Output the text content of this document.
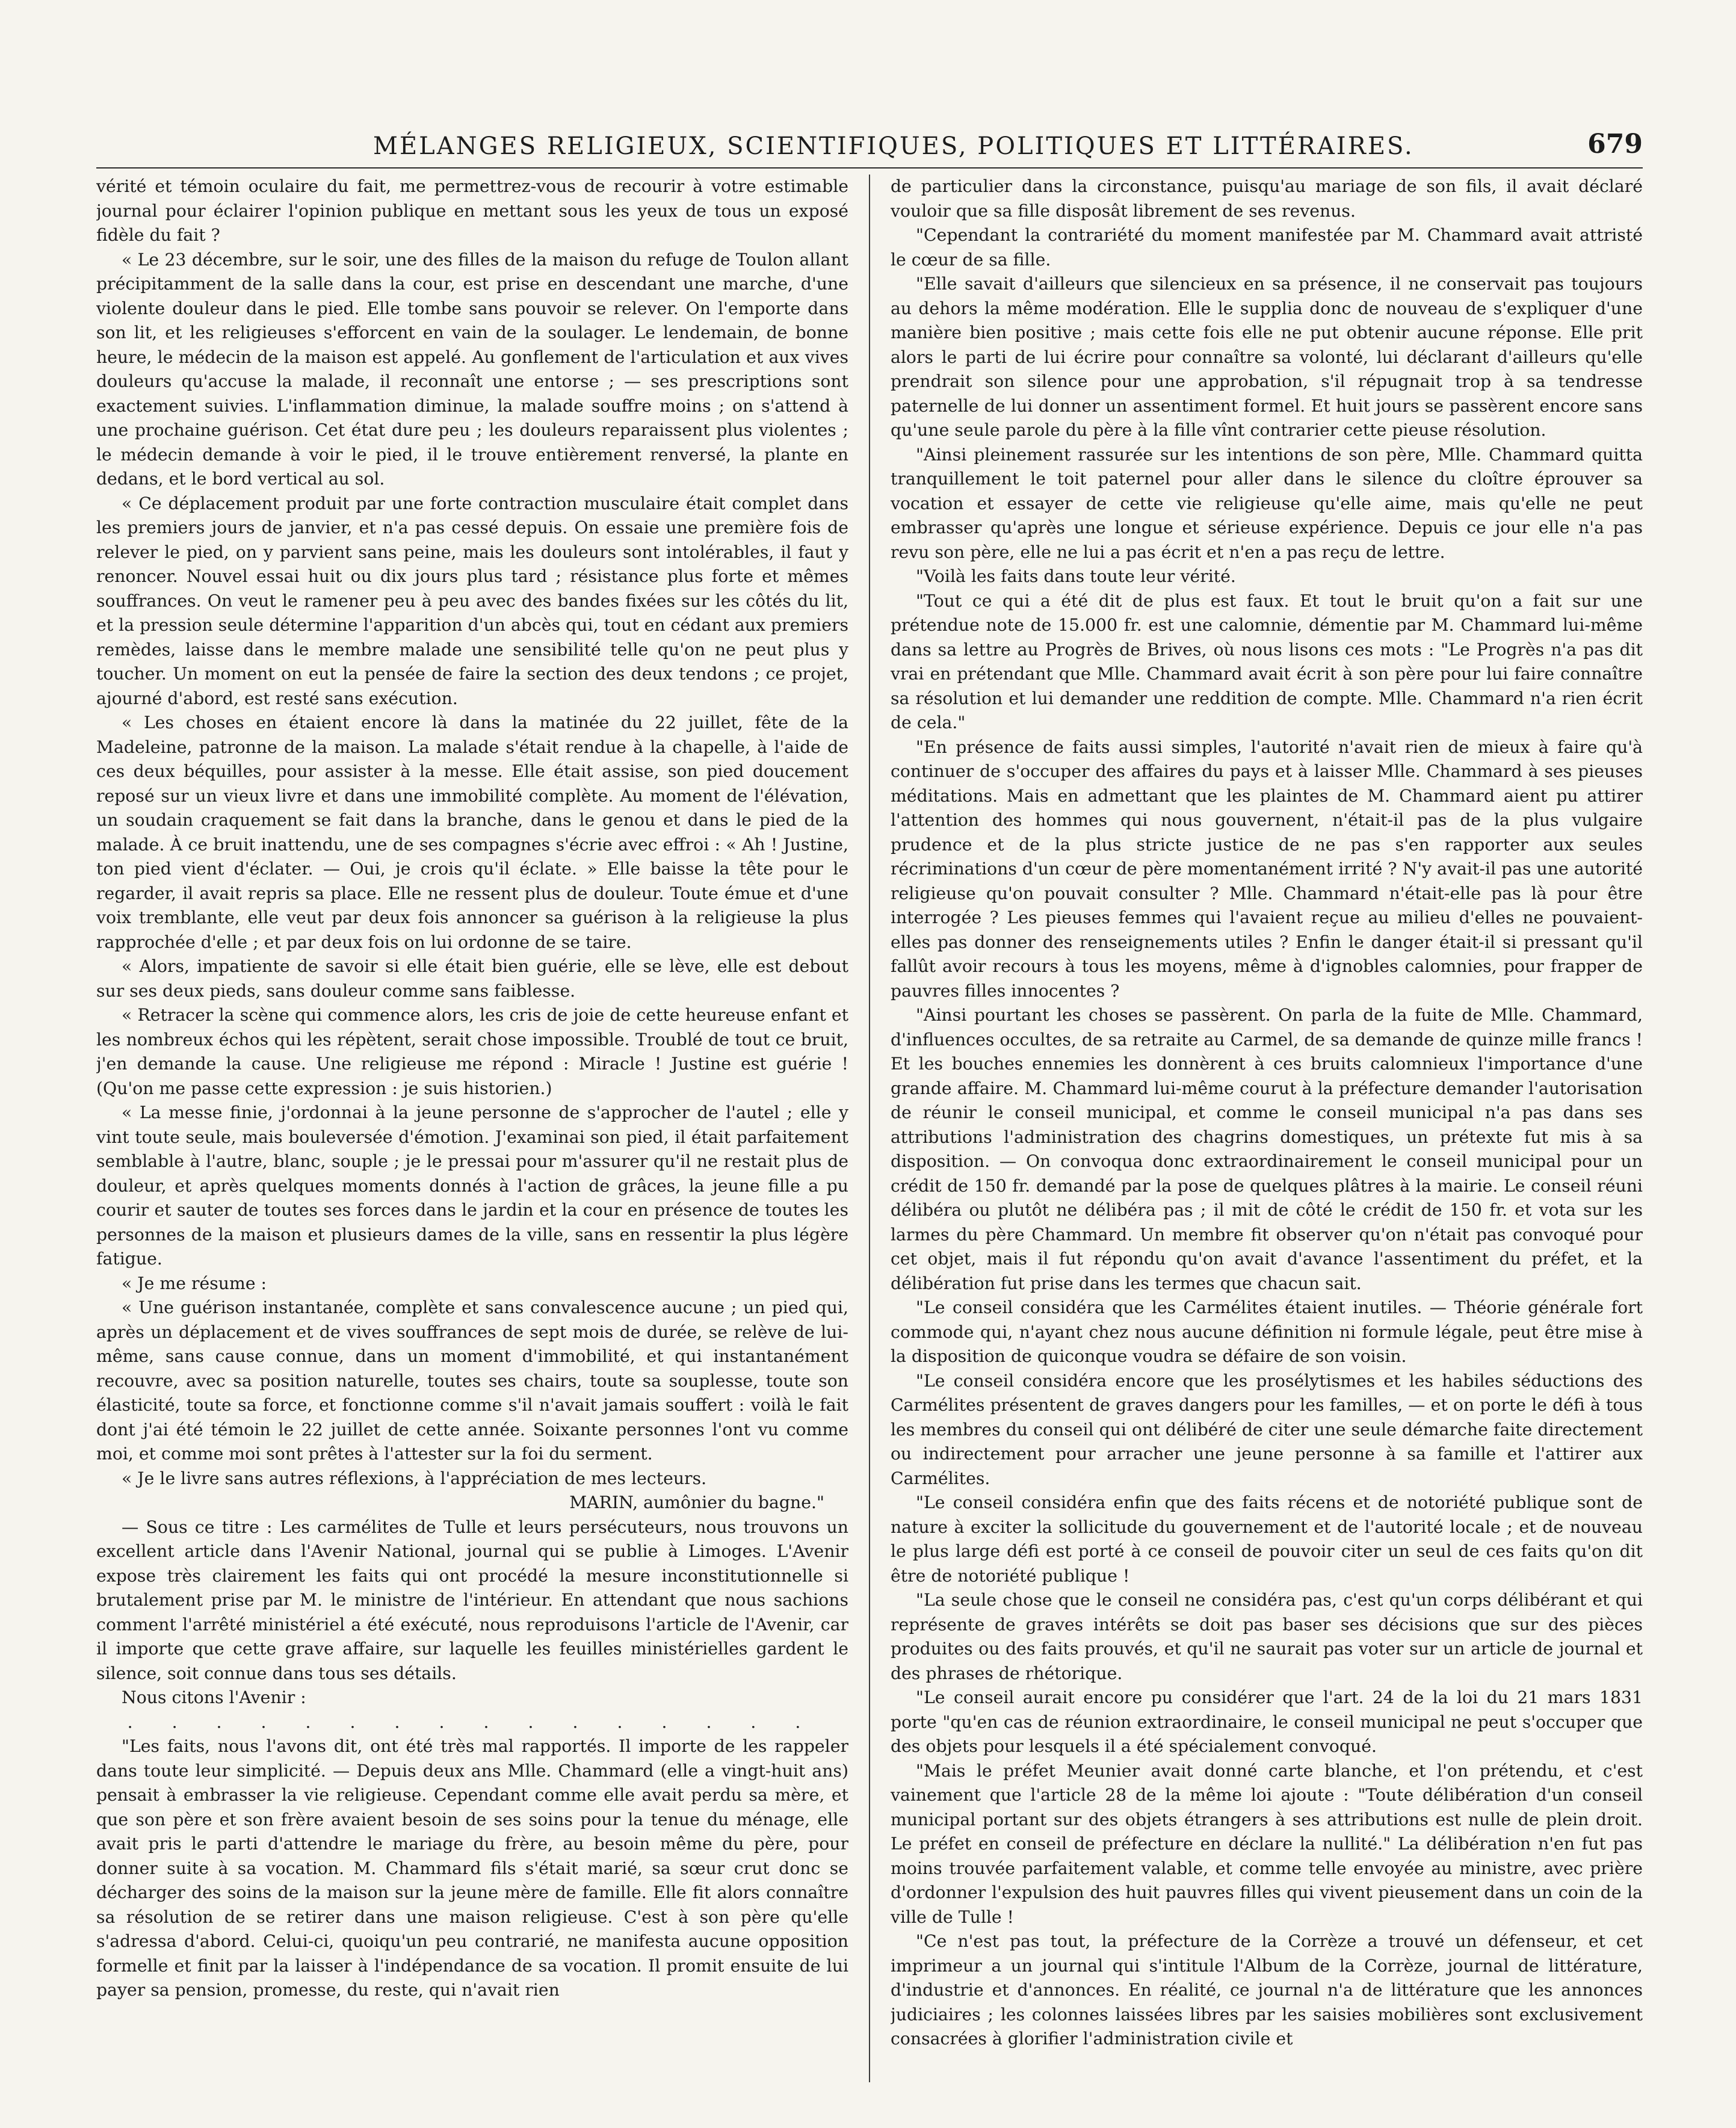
MÉLANGES RELIGIEUX, SCIENTIFIQUES, POLITIQUES ET LITTÉRAIRES.	679

vérité et témoin oculaire du fait, me permettrez-vous de recourir à votre estimable journal pour éclairer l'opinion publique en mettant sous les yeux de tous un exposé fidèle du fait ?

« Le 23 décembre, sur le soir, une des filles de la maison du refuge de Toulon allant précipitamment de la salle dans la cour, est prise en descendant une marche, d'une violente douleur dans le pied. Elle tombe sans pouvoir se relever. On l'emporte dans son lit, et les religieuses s'efforcent en vain de la soulager. Le lendemain, de bonne heure, le médecin de la maison est appelé. Au gonflement de l'articulation et aux vives douleurs qu'accuse la malade, il reconnaît une entorse ; — ses prescriptions sont exactement suivies. L'inflammation diminue, la malade souffre moins ; on s'attend à une prochaine guérison. Cet état dure peu ; les douleurs reparaissent plus violentes ; le médecin demande à voir le pied, il le trouve entièrement renversé, la plante en dedans, et le bord vertical au sol.

« Ce déplacement produit par une forte contraction musculaire était complet dans les premiers jours de janvier, et n'a pas cessé depuis. On essaie une première fois de relever le pied, on y parvient sans peine, mais les douleurs sont intolérables, il faut y renoncer. Nouvel essai huit ou dix jours plus tard ; résistance plus forte et mêmes souffrances. On veut le ramener peu à peu avec des bandes fixées sur les côtés du lit, et la pression seule détermine l'apparition d'un abcès qui, tout en cédant aux premiers remèdes, laisse dans le membre malade une sensibilité telle qu'on ne peut plus y toucher. Un moment on eut la pensée de faire la section des deux tendons ; ce projet, ajourné d'abord, est resté sans exécution.

« Les choses en étaient encore là dans la matinée du 22 juillet, fête de la Madeleine, patronne de la maison. La malade s'était rendue à la chapelle, à l'aide de ces deux béquilles, pour assister à la messe. Elle était assise, son pied doucement reposé sur un vieux livre et dans une immobilité complète. Au moment de l'élévation, un soudain craquement se fait dans la branche, dans le genou et dans le pied de la malade. À ce bruit inattendu, une de ses compagnes s'écrie avec effroi : « Ah ! Justine, ton pied vient d'éclater. — Oui, je crois qu'il éclate. » Elle baisse la tête pour le regarder, il avait repris sa place. Elle ne ressent plus de douleur. Toute émue et d'une voix tremblante, elle veut par deux fois annoncer sa guérison à la religieuse la plus rapprochée d'elle ; et par deux fois on lui ordonne de se taire.

« Alors, impatiente de savoir si elle était bien guérie, elle se lève, elle est debout sur ses deux pieds, sans douleur comme sans faiblesse.

« Retracer la scène qui commence alors, les cris de joie de cette heureuse enfant et les nombreux échos qui les répètent, serait chose impossible. Troublé de tout ce bruit, j'en demande la cause. Une religieuse me répond : Miracle ! Justine est guérie ! (Qu'on me passe cette expression : je suis historien.)

« La messe finie, j'ordonnai à la jeune personne de s'approcher de l'autel ; elle y vint toute seule, mais bouleversée d'émotion. J'examinai son pied, il était parfaitement semblable à l'autre, blanc, souple ; je le pressai pour m'assurer qu'il ne restait plus de douleur, et après quelques moments donnés à l'action de grâces, la jeune fille a pu courir et sauter de toutes ses forces dans le jardin et la cour en présence de toutes les personnes de la maison et plusieurs dames de la ville, sans en ressentir la plus légère fatigue.

« Je me résume :

« Une guérison instantanée, complète et sans convalescence aucune ; un pied qui, après un déplacement et de vives souffrances de sept mois de durée, se relève de lui-même, sans cause connue, dans un moment d'immobilité, et qui instantanément recouvre, avec sa position naturelle, toutes ses chairs, toute sa souplesse, toute son élasticité, toute sa force, et fonctionne comme s'il n'avait jamais souffert : voilà le fait dont j'ai été témoin le 22 juillet de cette année. Soixante personnes l'ont vu comme moi, et comme moi sont prêtes à l'attester sur la foi du serment.

« Je le livre sans autres réflexions, à l'appréciation de mes lecteurs.

MARIN, aumônier du bagne."

— Sous ce titre : Les carmélites de Tulle et leurs persécuteurs, nous trouvons un excellent article dans l'Avenir National, journal qui se publie à Limoges. L'Avenir expose très clairement les faits qui ont procédé la mesure inconstitutionnelle si brutalement prise par M. le ministre de l'intérieur. En attendant que nous sachions comment l'arrêté ministériel a été exécuté, nous reproduisons l'article de l'Avenir, car il importe que cette grave affaire, sur laquelle les feuilles ministérielles gardent le silence, soit connue dans tous ses détails.

Nous citons l'Avenir :

. . . . . . . . . . . . . . . .

"Les faits, nous l'avons dit, ont été très mal rapportés. Il importe de les rappeler dans toute leur simplicité. — Depuis deux ans Mlle. Chammard (elle a vingt-huit ans) pensait à embrasser la vie religieuse. Cependant comme elle avait perdu sa mère, et que son père et son frère avaient besoin de ses soins pour la tenue du ménage, elle avait pris le parti d'attendre le mariage du frère, au besoin même du père, pour donner suite à sa vocation. M. Chammard fils s'était marié, sa sœur crut donc se décharger des soins de la maison sur la jeune mère de famille. Elle fit alors connaître sa résolution de se retirer dans une maison religieuse. C'est à son père qu'elle s'adressa d'abord. Celui-ci, quoiqu'un peu contrarié, ne manifesta aucune opposition formelle et finit par la laisser à l'indépendance de sa vocation. Il promit ensuite de lui payer sa pension, promesse, du reste, qui n'avait rien

de particulier dans la circonstance, puisqu'au mariage de son fils, il avait déclaré vouloir que sa fille disposât librement de ses revenus.

"Cependant la contrariété du moment manifestée par M. Chammard avait attristé le cœur de sa fille.

"Elle savait d'ailleurs que silencieux en sa présence, il ne conservait pas toujours au dehors la même modération. Elle le supplia donc de nouveau de s'expliquer d'une manière bien positive ; mais cette fois elle ne put obtenir aucune réponse. Elle prit alors le parti de lui écrire pour connaître sa volonté, lui déclarant d'ailleurs qu'elle prendrait son silence pour une approbation, s'il répugnait trop à sa tendresse paternelle de lui donner un assentiment formel. Et huit jours se passèrent encore sans qu'une seule parole du père à la fille vînt contrarier cette pieuse résolution.

"Ainsi pleinement rassurée sur les intentions de son père, Mlle. Chammard quitta tranquillement le toit paternel pour aller dans le silence du cloître éprouver sa vocation et essayer de cette vie religieuse qu'elle aime, mais qu'elle ne peut embrasser qu'après une longue et sérieuse expérience. Depuis ce jour elle n'a pas revu son père, elle ne lui a pas écrit et n'en a pas reçu de lettre.

"Voilà les faits dans toute leur vérité.

"Tout ce qui a été dit de plus est faux. Et tout le bruit qu'on a fait sur une prétendue note de 15.000 fr. est une calomnie, démentie par M. Chammard lui-même dans sa lettre au Progrès de Brives, où nous lisons ces mots : "Le Progrès n'a pas dit vrai en prétendant que Mlle. Chammard avait écrit à son père pour lui faire connaître sa résolution et lui demander une reddition de compte. Mlle. Chammard n'a rien écrit de cela."

"En présence de faits aussi simples, l'autorité n'avait rien de mieux à faire qu'à continuer de s'occuper des affaires du pays et à laisser Mlle. Chammard à ses pieuses méditations. Mais en admettant que les plaintes de M. Chammard aient pu attirer l'attention des hommes qui nous gouvernent, n'était-il pas de la plus vulgaire prudence et de la plus stricte justice de ne pas s'en rapporter aux seules récriminations d'un cœur de père momentanément irrité ? N'y avait-il pas une autorité religieuse qu'on pouvait consulter ? Mlle. Chammard n'était-elle pas là pour être interrogée ? Les pieuses femmes qui l'avaient reçue au milieu d'elles ne pouvaient-elles pas donner des renseignements utiles ? Enfin le danger était-il si pressant qu'il fallût avoir recours à tous les moyens, même à d'ignobles calomnies, pour frapper de pauvres filles innocentes ?

"Ainsi pourtant les choses se passèrent. On parla de la fuite de Mlle. Chammard, d'influences occultes, de sa retraite au Carmel, de sa demande de quinze mille francs ! Et les bouches ennemies les donnèrent à ces bruits calomnieux l'importance d'une grande affaire. M. Chammard lui-même courut à la préfecture demander l'autorisation de réunir le conseil municipal, et comme le conseil municipal n'a pas dans ses attributions l'administration des chagrins domestiques, un prétexte fut mis à sa disposition. — On convoqua donc extraordinairement le conseil municipal pour un crédit de 150 fr. demandé par la pose de quelques plâtres à la mairie. Le conseil réuni délibéra ou plutôt ne délibéra pas ; il mit de côté le crédit de 150 fr. et vota sur les larmes du père Chammard. Un membre fit observer qu'on n'était pas convoqué pour cet objet, mais il fut répondu qu'on avait d'avance l'assentiment du préfet, et la délibération fut prise dans les termes que chacun sait.

"Le conseil considéra que les Carmélites étaient inutiles. — Théorie générale fort commode qui, n'ayant chez nous aucune définition ni formule légale, peut être mise à la disposition de quiconque voudra se défaire de son voisin.

"Le conseil considéra encore que les prosélytismes et les habiles séductions des Carmélites présentent de graves dangers pour les familles, — et on porte le défi à tous les membres du conseil qui ont délibéré de citer une seule démarche faite directement ou indirectement pour arracher une jeune personne à sa famille et l'attirer aux Carmélites.

"Le conseil considéra enfin que des faits récens et de notoriété publique sont de nature à exciter la sollicitude du gouvernement et de l'autorité locale ; et de nouveau le plus large défi est porté à ce conseil de pouvoir citer un seul de ces faits qu'on dit être de notoriété publique !

"La seule chose que le conseil ne considéra pas, c'est qu'un corps délibérant et qui représente de graves intérêts se doit pas baser ses décisions que sur des pièces produites ou des faits prouvés, et qu'il ne saurait pas voter sur un article de journal et des phrases de rhétorique.

"Le conseil aurait encore pu considérer que l'art. 24 de la loi du 21 mars 1831 porte "qu'en cas de réunion extraordinaire, le conseil municipal ne peut s'occuper que des objets pour lesquels il a été spécialement convoqué.

"Mais le préfet Meunier avait donné carte blanche, et l'on prétendu, et c'est vainement que l'article 28 de la même loi ajoute : "Toute délibération d'un conseil municipal portant sur des objets étrangers à ses attributions est nulle de plein droit. Le préfet en conseil de préfecture en déclare la nullité." La délibération n'en fut pas moins trouvée parfaitement valable, et comme telle envoyée au ministre, avec prière d'ordonner l'expulsion des huit pauvres filles qui vivent pieusement dans un coin de la ville de Tulle !

"Ce n'est pas tout, la préfecture de la Corrèze a trouvé un défenseur, et cet imprimeur a un journal qui s'intitule l'Album de la Corrèze, journal de littérature, d'industrie et d'annonces. En réalité, ce journal n'a de littérature que les annonces judiciaires ; les colonnes laissées libres par les saisies mobilières sont exclusivement consacrées à glorifier l'administration civile et
